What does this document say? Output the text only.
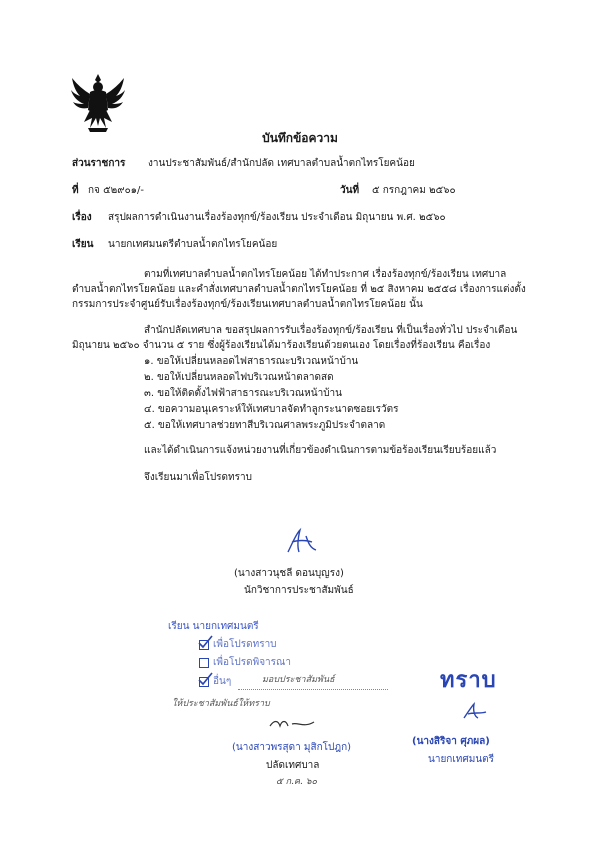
บันทึกข้อความ
ส่วนราชการ งานประชาสัมพันธ์/สำนักปลัด เทศบาลตำบลน้ำตกไทรโยคน้อย
ที่ กจ ๕๒๙๐๑/-	วันที่ ๕ กรกฎาคม ๒๕๖๐
เรื่อง สรุปผลการดำเนินงานเรื่องร้องทุกข์/ร้องเรียน ประจำเดือน มิถุนายน พ.ศ. ๒๕๖๐
เรียน นายกเทศมนตรีตำบลน้ำตกไทรโยคน้อย
ตามที่เทศบาลตำบลน้ำตกไทรโยคน้อย ได้ทำประกาศ เรื่องร้องทุกข์/ร้องเรียน เทศบาล
ตำบลน้ำตกไทรโยคน้อย และคำสั่งเทศบาลตำบลน้ำตกไทรโยคน้อย ที่ ๒๕ สิงหาคม ๒๕๕๘ เรื่องการแต่งตั้ง
กรรมการประจำศูนย์รับเรื่องร้องทุกข์/ร้องเรียนเทศบาลตำบลน้ำตกไทรโยคน้อย นั้น
สำนักปลัดเทศบาล ขอสรุปผลการรับเรื่องร้องทุกข์/ร้องเรียน ที่เป็นเรื่องทั่วไป ประจำเดือน
มิถุนายน ๒๕๖๐ จำนวน ๕ ราย ซึ่งผู้ร้องเรียนได้มาร้องเรียนด้วยตนเอง โดยเรื่องที่ร้องเรียน คือเรื่อง
๑. ขอให้เปลี่ยนหลอดไฟสาธารณะบริเวณหน้าบ้าน
๒. ขอให้เปลี่ยนหลอดไฟบริเวณหน้าตลาดสด
๓. ขอให้ติดตั้งไฟฟ้าสาธารณะบริเวณหน้าบ้าน
๔. ขอความอนุเคราะห์ให้เทศบาลจัดทำลูกระนาดซอยเรวัตร
๕. ขอให้เทศบาลช่วยทาสีบริเวณศาลพระภูมิประจำตลาด
และได้ดำเนินการแจ้งหน่วยงานที่เกี่ยวข้องดำเนินการตามข้อร้องเรียนเรียบร้อยแล้ว
จึงเรียนมาเพื่อโปรดทราบ
(นางสาวนุชลี ดอนบุญรง)
นักวิชาการประชาสัมพันธ์
เรียน นายกเทศมนตรี
เพื่อโปรดทราบ
เพื่อโปรดพิจารณา
อื่นๆ	มอบประชาสัมพันธ์
ให้ประชาสัมพันธ์ให้ทราบ
(นางสาวพรสุดา มุสิกโปฎก)
ปลัดเทศบาล
๕ ก.ค. ๖๐
ทราบ
(นางสิริจา ศุภผล)
นายกเทศมนตรี
